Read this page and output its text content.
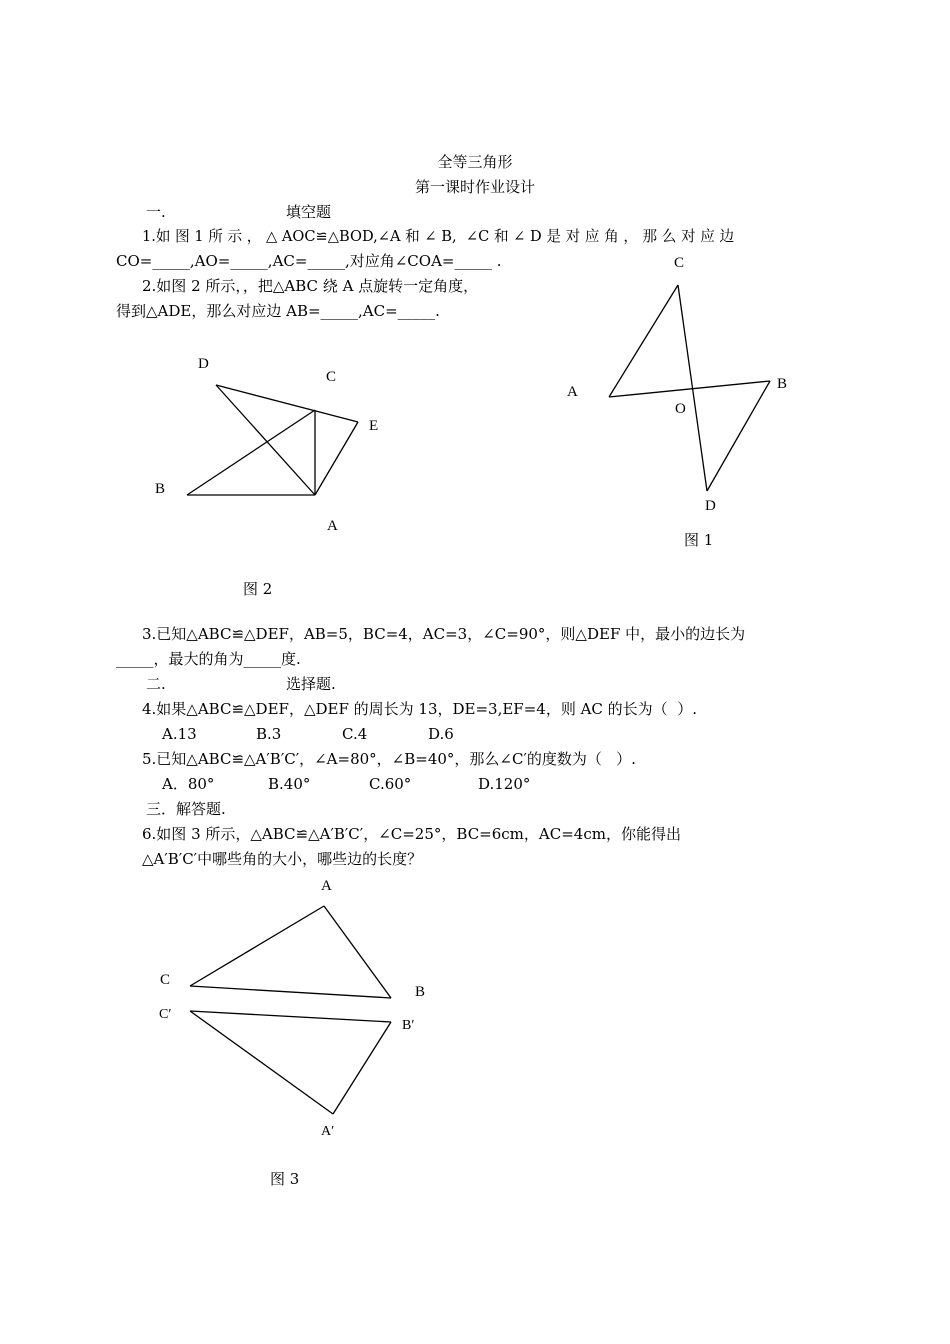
全等三角形
第一课时作业设计
一.	填空题
1.如 图 1 所 示 ， △ AOC≌△BOD,∠A 和 ∠ B,  ∠C 和 ∠ D 是 对 应 角 ， 那 么 对 应 边
CO=_____,AO=_____,AC=_____,对应角∠COA=_____ .
2.如图 2 所示，，把△ABC 绕 A 点旋转一定角度，
得到△ADE，那么对应边 AB=_____,AC=_____.
C
A
O
B
D
图 1
D
C
E
B
A
图 2
3.已知△ABC≌△DEF，AB=5，BC=4，AC=3，∠C=90°，则△DEF 中，最小的边长为
_____，最大的角为_____度.
二.	选择题.
4.如果△ABC≌△DEF，△DEF 的周长为 13，DE=3,EF=4，则 AC 的长为（  ）.
A.13	B.3	C.4	D.6
5.已知△ABC≌△A′B′C′，∠A=80°，∠B=40°，那么∠C′的度数为（   ）.
A．80°	B.40°	C.60°	D.120°
三．解答题.
6.如图 3 所示，△ABC≌△A′B′C′，∠C=25°，BC=6cm，AC=4cm，你能得出
△A′B′C′中哪些角的大小，哪些边的长度？
A
C
B
C′
B′
A′
图 3
